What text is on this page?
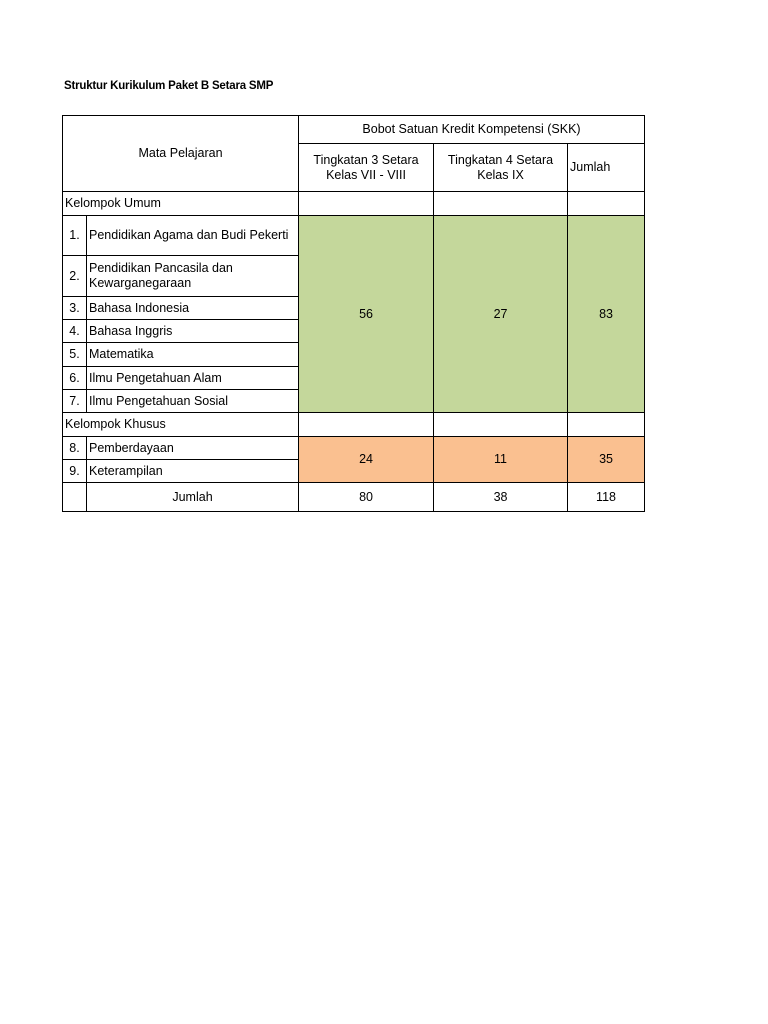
Struktur Kurikulum Paket B Setara SMP
Mata Pelajaran		Bobot Satuan Kredit Kompetensi (SKK)		
		Tingkatan 3 Setara Kelas VII - VIII	Tingkatan 4 Setara Kelas IX	Jumlah
Kelompok Umum				
1.	Pendidikan Agama dan Budi Pekerti	56	27	83
2.	Pendidikan Pancasila dan Kewarganegaraan			
3.	Bahasa Indonesia			
4.	Bahasa Inggris			
5.	Matematika			
6.	Ilmu Pengetahuan Alam			
7.	Ilmu Pengetahuan Sosial			
Kelompok Khusus				
8.	Pemberdayaan	24	11	35
9.	Keterampilan			
	Jumlah	80	38	118
